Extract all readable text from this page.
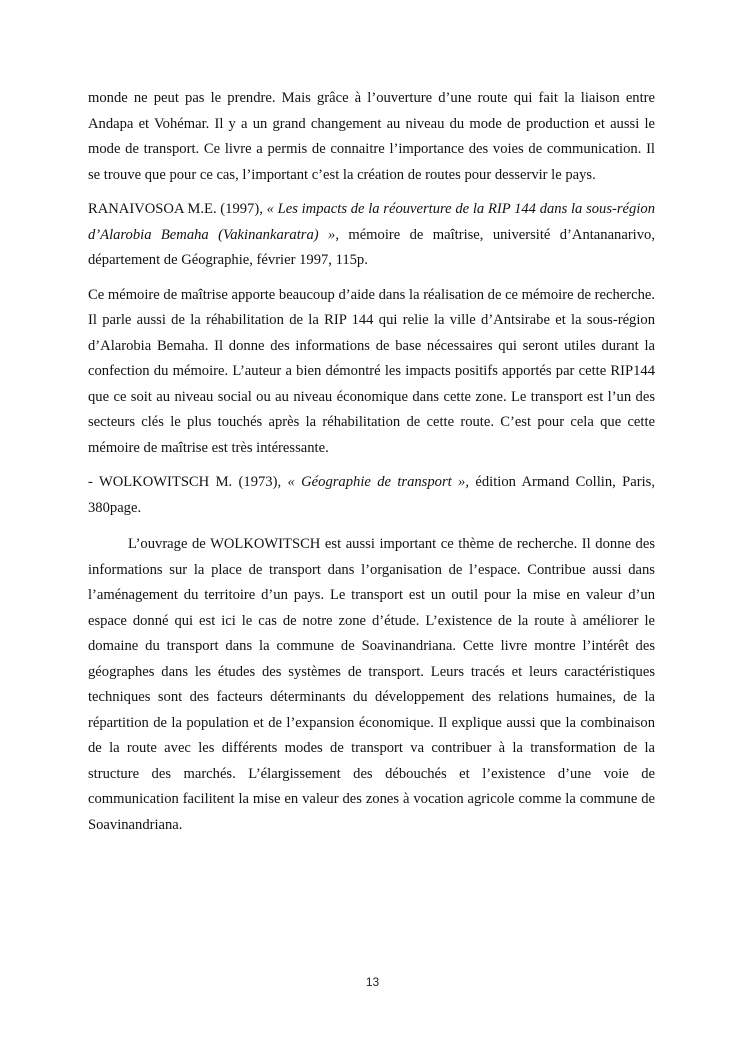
monde ne peut pas le prendre. Mais grâce à l’ouverture d’une route qui fait la liaison entre Andapa et Vohémar. Il y a un grand changement au niveau du mode de production et aussi le mode de transport. Ce livre a permis de connaitre l’importance des voies de communication. Il se trouve que pour ce cas, l’important c’est la création de routes pour desservir le pays.

RANAIVOSOA M.E. (1997), « Les impacts de la réouverture de la RIP 144 dans la sous-région d’Alarobia Bemaha (Vakinankaratra) », mémoire de maîtrise, université d’Antananarivo, département de Géographie, février 1997, 115p.

Ce mémoire de maîtrise apporte beaucoup d’aide dans la réalisation de ce mémoire de recherche. Il parle aussi de la réhabilitation de la RIP 144 qui relie la ville d’Antsirabe et la sous-région d’Alarobia Bemaha. Il donne des informations de base nécessaires qui seront utiles durant la confection du mémoire. L’auteur a bien démontré les impacts positifs apportés par cette RIP144 que ce soit au niveau social ou au niveau économique dans cette zone. Le transport est l’un des secteurs clés le plus touchés après la réhabilitation de cette route. C’est pour cela que cette mémoire de maîtrise est très intéressante.

- WOLKOWITSCH M. (1973), « Géographie de transport », édition Armand Collin, Paris, 380page.

L’ouvrage de WOLKOWITSCH est aussi important ce thème de recherche. Il donne des informations sur la place de transport dans l’organisation de l’espace. Contribue aussi dans l’aménagement du territoire d’un pays. Le transport est un outil pour la mise en valeur d’un espace donné qui est ici le cas de notre zone d’étude. L’existence de la route à améliorer le domaine du transport dans la commune de Soavinandriana. Cette livre montre l’intérêt des géographes dans les études des systèmes de transport. Leurs tracés et leurs caractéristiques techniques sont des facteurs déterminants du développement des relations humaines, de la répartition de la population et de l’expansion économique. Il explique aussi que la combinaison de la route avec les différents modes de transport va contribuer à la transformation de la structure des marchés. L’élargissement des débouchés et l’existence d’une voie de communication facilitent la mise en valeur des zones à vocation agricole comme la commune de Soavinandriana.

13
